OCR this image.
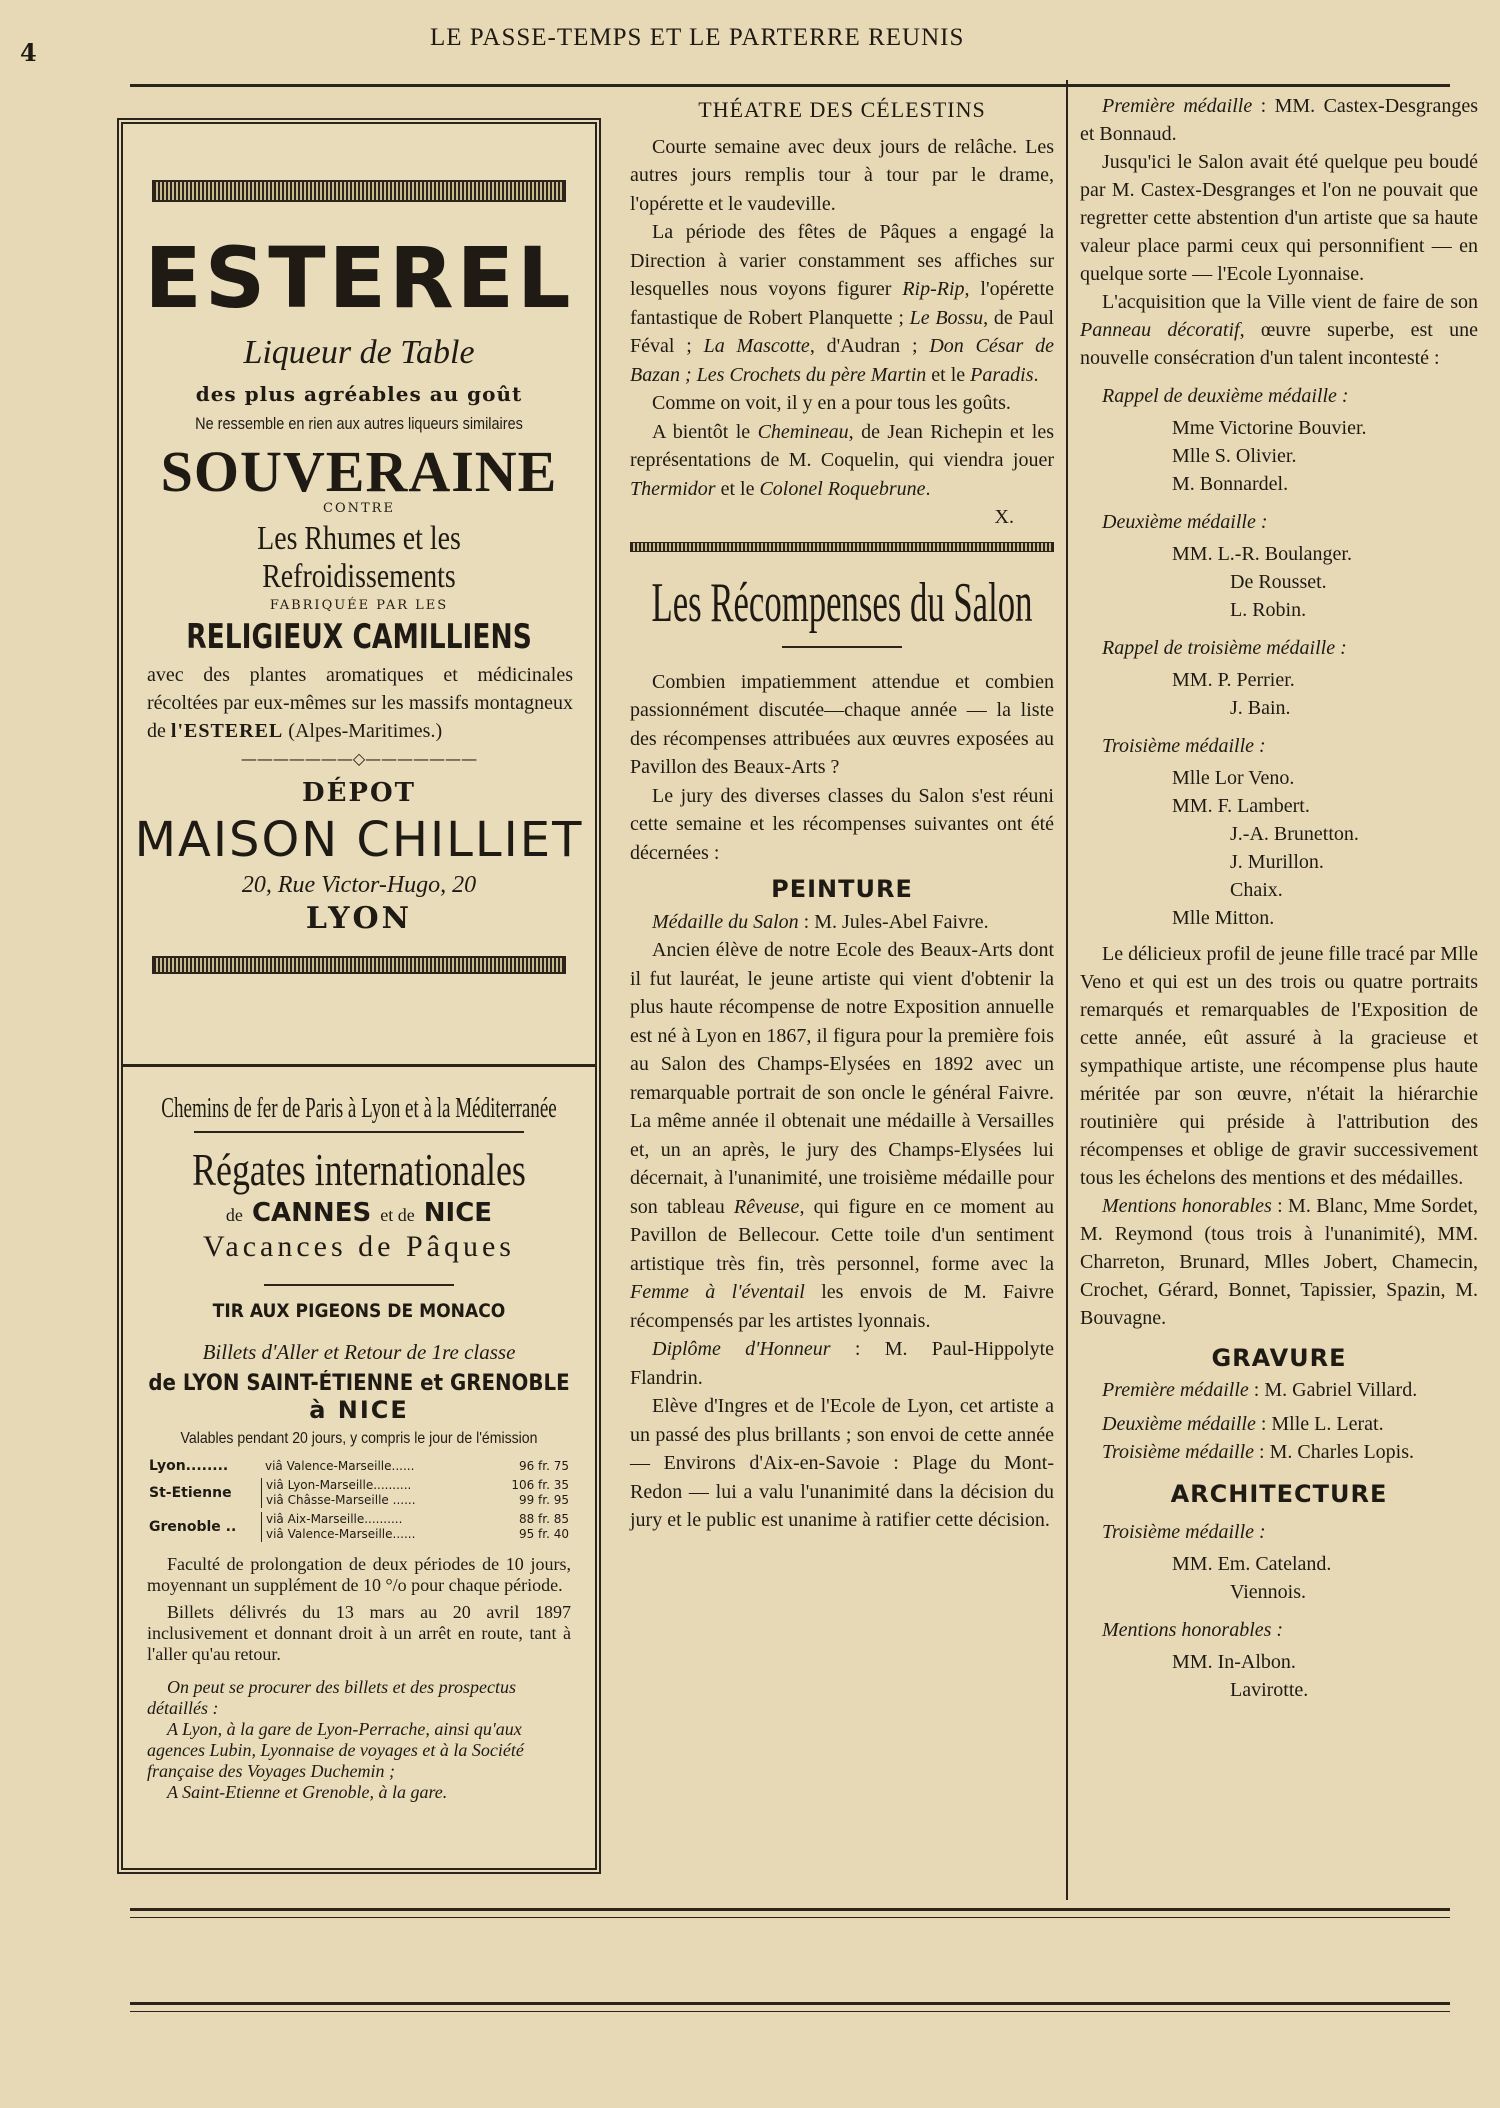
4
LE PASSE-TEMPS ET LE PARTERRE REUNIS
ESTEREL
Liqueur de Table
des plus agréables au goût
Ne ressemble en rien aux autres liqueurs similaires
SOUVERAINE
CONTRE
Les Rhumes et les Refroidissements
FABRIQUÉE PAR LES
RELIGIEUX CAMILLIENS
avec des plantes aromatiques et médicinales récoltées par eux-mêmes sur les massifs montagneux de l'ESTEREL (Alpes-Maritimes.)
———————◇———————
DÉPOT
MAISON CHILLIET
20, Rue Victor-Hugo, 20
LYON
Chemins de fer de Paris à Lyon et à la Méditerranée
Régates internationales
de CANNES et de NICE
Vacances de Pâques
TIR AUX PIGEONS DE MONACO
Billets d'Aller et Retour de 1re classe
de LYON SAINT-ÉTIENNE et GRENOBLE
à NICE
Valables pendant 20 jours, y compris le jour de l'émission
Lyon........	viâ Valence-Marseille......	96 fr. 75
St-Etienne	viâ Lyon-Marseille..........	106 fr. 35
viâ Châsse-Marseille ......	99 fr. 95
Grenoble ..	viâ Aix-Marseille..........	88 fr. 85
viâ Valence-Marseille......	95 fr. 40
Faculté de prolongation de deux périodes de 10 jours, moyennant un supplément de 10 °/o pour chaque période.
Billets délivrés du 13 mars au 20 avril 1897 inclusivement et donnant droit à un arrêt en route, tant à l'aller qu'au retour.
On peut se procurer des billets et des prospectus détaillés :
A Lyon, à la gare de Lyon-Perrache, ainsi qu'aux agences Lubin, Lyonnaise de voyages et à la Société française des Voyages Duchemin ;
A Saint-Etienne et Grenoble, à la gare.
THÉATRE DES CÉLESTINS

Courte semaine avec deux jours de relâche. Les autres jours remplis tour à tour par le drame, l'opérette et le vaudeville.

La période des fêtes de Pâques a engagé la Direction à varier constamment ses affiches sur lesquelles nous voyons figurer Rip-Rip, l'opérette fantastique de Robert Planquette ; Le Bossu, de Paul Féval ; La Mascotte, d'Audran ; Don César de Bazan ; Les Crochets du père Martin et le Paradis.

Comme on voit, il y en a pour tous les goûts.

A bientôt le Chemineau, de Jean Richepin et les représentations de M. Coquelin, qui viendra jouer Thermidor et le Colonel Roquebrune.

X.

Les Récompenses du Salon

Combien impatiemment attendue et combien passionnément discutée—chaque année — la liste des récompenses attribuées aux œuvres exposées au Pavillon des Beaux-Arts ?

Le jury des diverses classes du Salon s'est réuni cette semaine et les récompenses suivantes ont été décernées :

PEINTURE

Médaille du Salon : M. Jules-Abel Faivre.

Ancien élève de notre Ecole des Beaux-Arts dont il fut lauréat, le jeune artiste qui vient d'obtenir la plus haute récompense de notre Exposition annuelle est né à Lyon en 1867, il figura pour la première fois au Salon des Champs-Elysées en 1892 avec un remarquable portrait de son oncle le général Faivre. La même année il obtenait une médaille à Versailles et, un an après, le jury des Champs-Elysées lui décernait, à l'unanimité, une troisième médaille pour son tableau Rêveuse, qui figure en ce moment au Pavillon de Bellecour. Cette toile d'un sentiment artistique très fin, très personnel, forme avec la Femme à l'éventail les envois de M. Faivre récompensés par les artistes lyonnais.

Diplôme d'Honneur : M. Paul-Hippolyte Flandrin.

Elève d'Ingres et de l'Ecole de Lyon, cet artiste a un passé des plus brillants ; son envoi de cette année — Environs d'Aix-en-Savoie : Plage du Mont-Redon — lui a valu l'unanimité dans la décision du jury et le public est unanime à ratifier cette décision.

Première médaille : MM. Castex-Desgranges et Bonnaud.

Jusqu'ici le Salon avait été quelque peu boudé par M. Castex-Desgranges et l'on ne pouvait que regretter cette abstention d'un artiste que sa haute valeur place parmi ceux qui personnifient — en quelque sorte — l'Ecole Lyonnaise.

L'acquisition que la Ville vient de faire de son Panneau décoratif, œuvre superbe, est une nouvelle consécration d'un talent incontesté :

Rappel de deuxième médaille :
Mme Victorine Bouvier.
Mlle S. Olivier.
M. Bonnardel.
Deuxième médaille :
MM. L.-R. Boulanger.
De Rousset.
L. Robin.
Rappel de troisième médaille :
MM. P. Perrier.
J. Bain.
Troisième médaille :
Mlle Lor Veno.
MM. F. Lambert.
J.-A. Brunetton.
J. Murillon.
Chaix.
Mlle Mitton.

Le délicieux profil de jeune fille tracé par Mlle Veno et qui est un des trois ou quatre portraits remarqués et remarquables de l'Exposition de cette année, eût assuré à la gracieuse et sympathique artiste, une récompense plus haute méritée par son œuvre, n'était la hiérarchie routinière qui préside à l'attribution des récompenses et oblige de gravir successivement tous les échelons des mentions et des médailles.

Mentions honorables : M. Blanc, Mme Sordet, M. Reymond (tous trois à l'unanimité), MM. Charreton, Brunard, Mlles Jobert, Chamecin, Crochet, Gérard, Bonnet, Tapissier, Spazin, M. Bouvagne.

GRAVURE

Première médaille : M. Gabriel Villard.

Deuxième médaille : Mlle L. Lerat.

Troisième médaille : M. Charles Lopis.

ARCHITECTURE
Troisième médaille :
MM. Em. Cateland.
Viennois.
Mentions honorables :
MM. In-Albon.
Lavirotte.
